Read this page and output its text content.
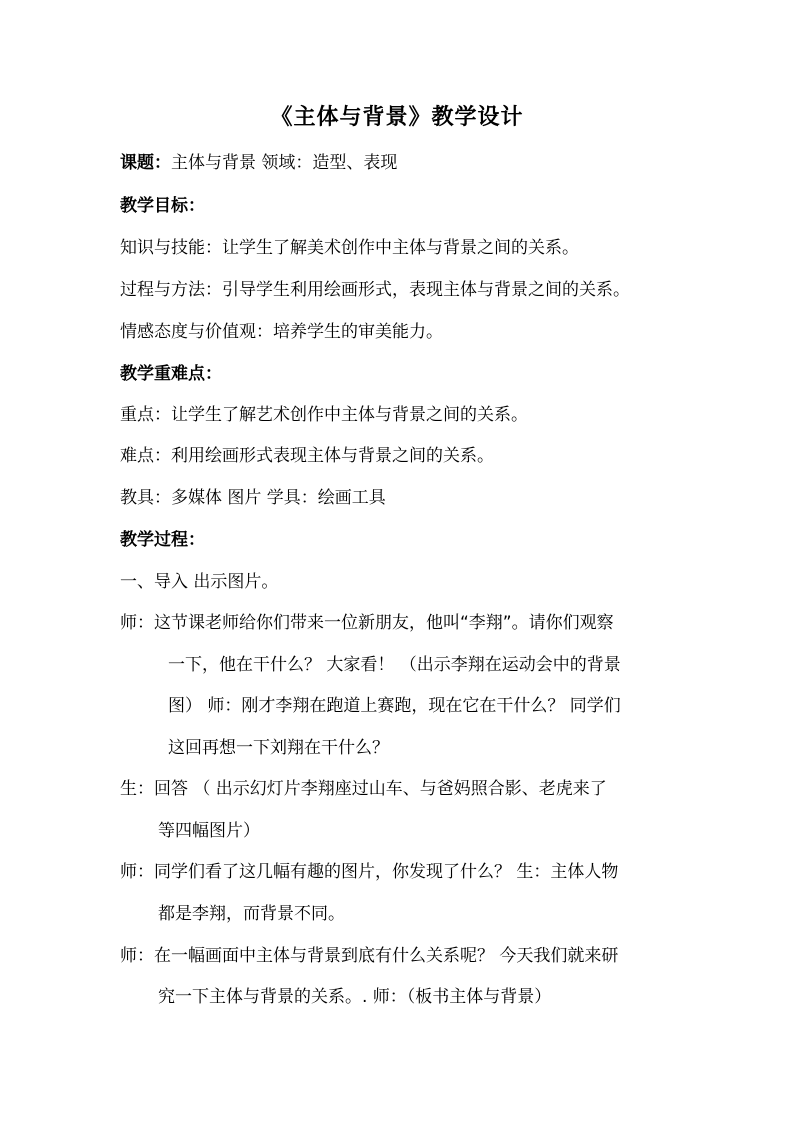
《主体与背景》教学设计
课题：主体与背景 领域：造型、表现
教学目标：
知识与技能：让学生了解美术创作中主体与背景之间的关系。
过程与方法：引导学生利用绘画形式，表现主体与背景之间的关系。
情感态度与价值观：培养学生的审美能力。
教学重难点：
重点：让学生了解艺术创作中主体与背景之间的关系。
难点：利用绘画形式表现主体与背景之间的关系。
教具：多媒体 图片 学具：绘画工具
教学过程：
一、导入 出示图片。
师：这节课老师给你们带来一位新朋友，他叫“李翔”。请你们观察
一下，他在干什么？ 大家看！ （出示李翔在运动会中的背景
图） 师：刚才李翔在跑道上赛跑，现在它在干什么？ 同学们
这回再想一下刘翔在干什么？
生：回答 （ 出示幻灯片李翔座过山车、与爸妈照合影、老虎来了
等四幅图片）
师：同学们看了这几幅有趣的图片，你发现了什么？ 生：主体人物
都是李翔，而背景不同。
师：在一幅画面中主体与背景到底有什么关系呢？ 今天我们就来研
究一下主体与背景的关系。. 师：（板书主体与背景）
